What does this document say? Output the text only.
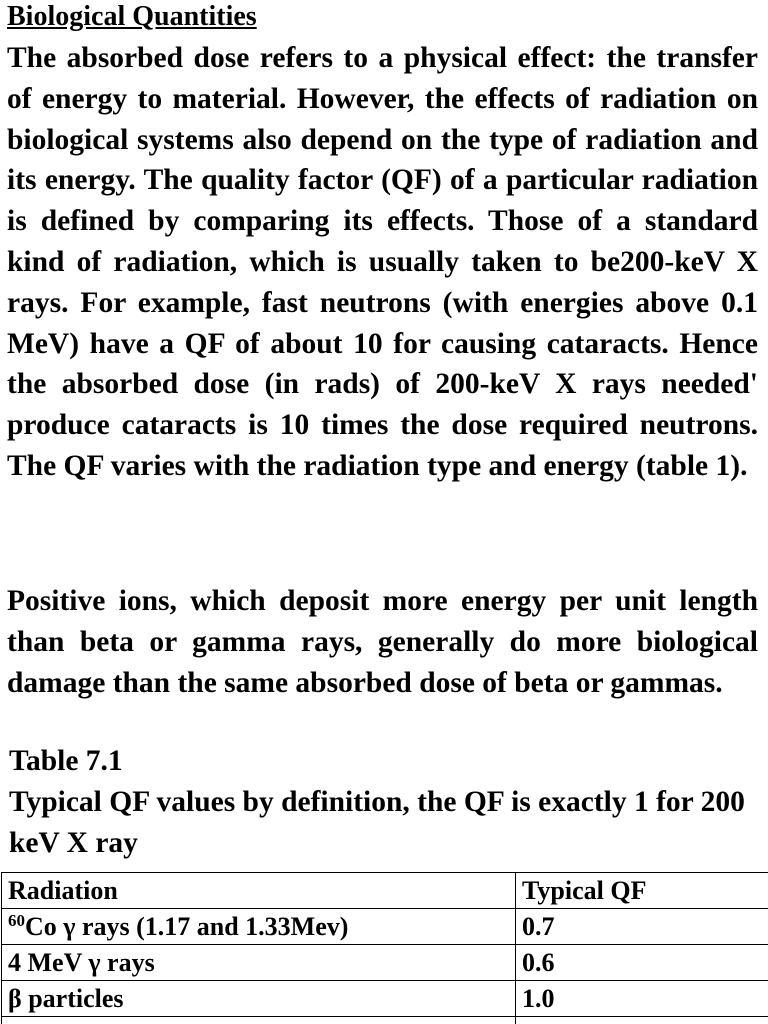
Biological Quantities

The absorbed dose refers to a physical effect: the transfer of energy to material. However, the effects of radiation on biological systems also depend on the type of radiation and its energy. The quality factor (QF) of a particular radiation is defined by comparing its effects. Those of a standard kind of radiation, which is usually taken to be200-keV X rays. For example, fast neutrons (with energies above 0.1 MeV) have a QF of about 10 for causing cataracts. Hence the absorbed dose (in rads) of 200-keV X rays needed' produce cataracts is 10 times the dose required neutrons. The QF varies with the radiation type and energy (table 1).

Positive ions, which deposit more energy per unit length than beta or gamma rays, generally do more biological damage than the same absorbed dose of beta or gammas.

Table 7.1

Typical QF values by definition, the QF is exactly 1 for 200 keV X ray

Radiation	Typical QF
$^{60}$Co γ rays (1.17 and 1.33Mev)	0.7
4 MeV γ rays	0.6
β particles	1.0
